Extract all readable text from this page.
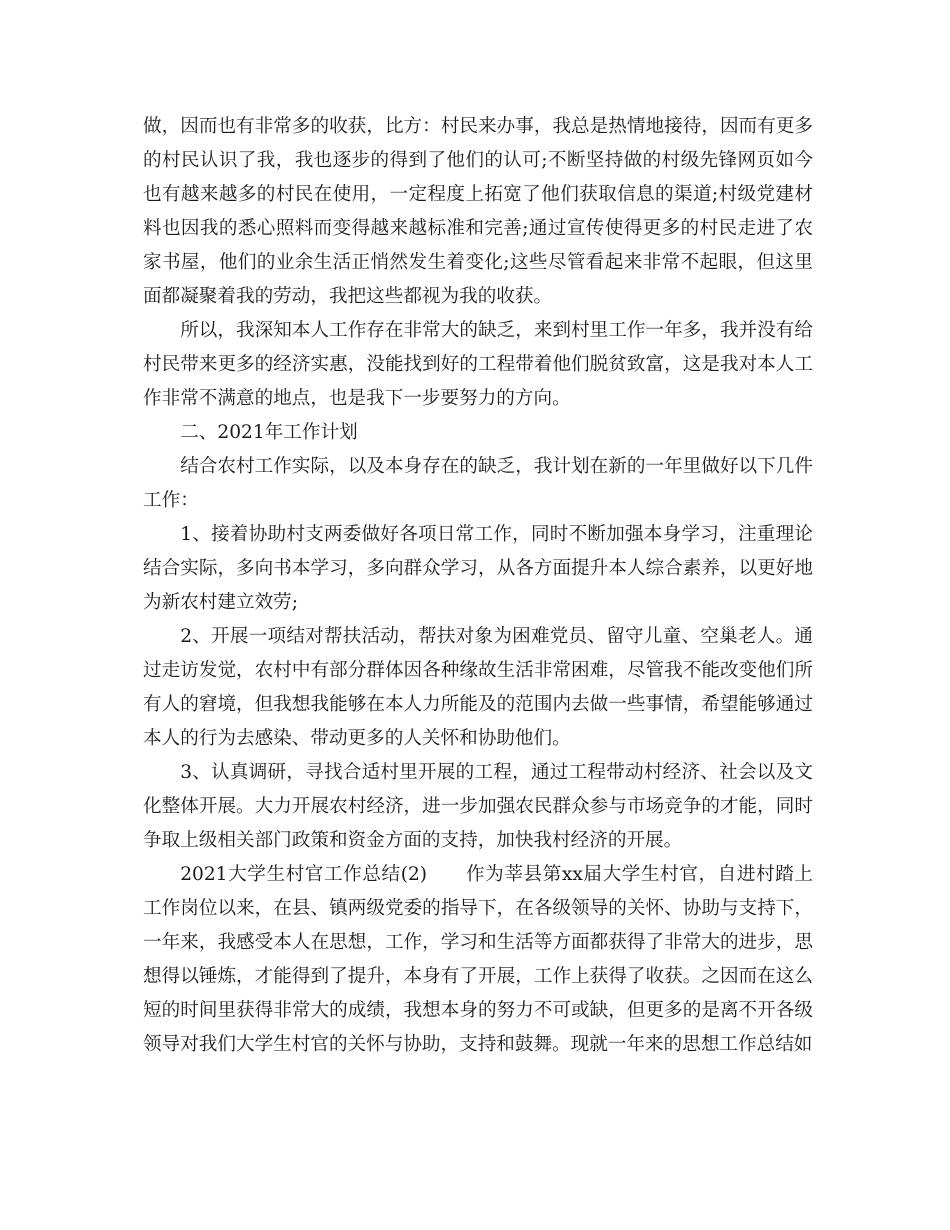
做，因而也有非常多的收获，比方：村民来办事，我总是热情地接待，因而有更多的村民认识了我，我也逐步的得到了他们的认可;不断坚持做的村级先锋网页如今也有越来越多的村民在使用，一定程度上拓宽了他们获取信息的渠道;村级党建材料也因我的悉心照料而变得越来越标准和完善;通过宣传使得更多的村民走进了农家书屋，他们的业余生活正悄然发生着变化;这些尽管看起来非常不起眼，但这里面都凝聚着我的劳动，我把这些都视为我的收获。

所以，我深知本人工作存在非常大的缺乏，来到村里工作一年多，我并没有给村民带来更多的经济实惠，没能找到好的工程带着他们脱贫致富，这是我对本人工作非常不满意的地点，也是我下一步要努力的方向。

二、2021年工作计划

结合农村工作实际，以及本身存在的缺乏，我计划在新的一年里做好以下几件工作：

1、接着协助村支两委做好各项日常工作，同时不断加强本身学习，注重理论结合实际，多向书本学习，多向群众学习，从各方面提升本人综合素养，以更好地为新农村建立效劳;

2、开展一项结对帮扶活动，帮扶对象为困难党员、留守儿童、空巢老人。通过走访发觉，农村中有部分群体因各种缘故生活非常困难，尽管我不能改变他们所有人的窘境，但我想我能够在本人力所能及的范围内去做一些事情，希望能够通过本人的行为去感染、带动更多的人关怀和协助他们。

3、认真调研，寻找合适村里开展的工程，通过工程带动村经济、社会以及文化整体开展。大力开展农村经济，进一步加强农民群众参与市场竞争的才能，同时争取上级相关部门政策和资金方面的支持，加快我村经济的开展。

2021大学生村官工作总结(2)　　作为莘县第xx届大学生村官，自进村踏上工作岗位以来，在县、镇两级党委的指导下，在各级领导的关怀、协助与支持下，一年来，我感受本人在思想，工作，学习和生活等方面都获得了非常大的进步，思想得以锤炼，才能得到了提升，本身有了开展，工作上获得了收获。之因而在这么短的时间里获得非常大的成绩，我想本身的努力不可或缺，但更多的是离不开各级领导对我们大学生村官的关怀与协助，支持和鼓舞。现就一年来的思想工作总结如
